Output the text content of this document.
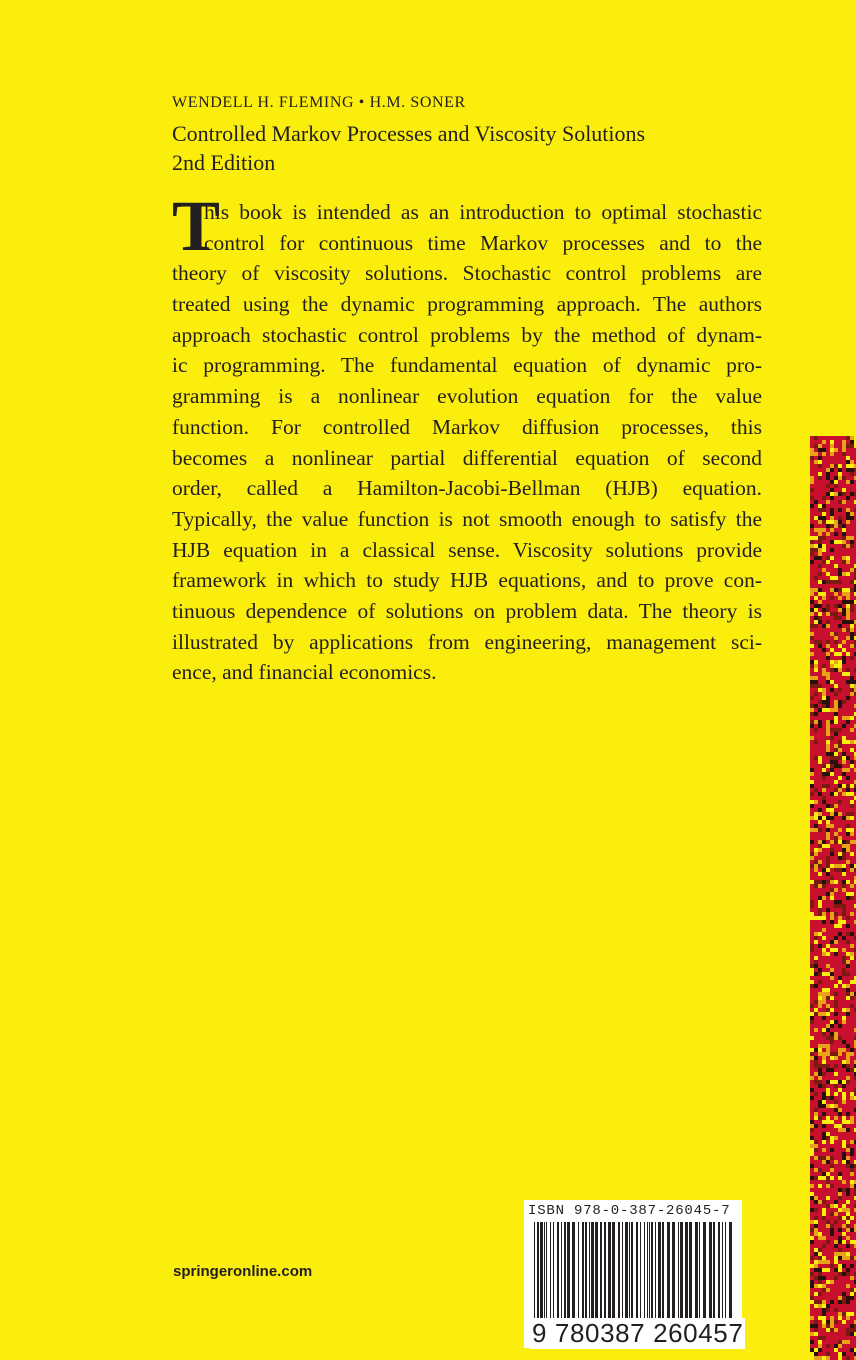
WENDELL H. FLEMING • H.M. SONER
Controlled Markov Processes and Viscosity Solutions
2nd Edition
T
his book is intended as an introduction to optimal stochastic
control for continuous time Markov processes and to the
theory of viscosity solutions. Stochastic control problems are
treated using the dynamic programming approach. The authors
approach stochastic control problems by the method of dynam-
ic programming. The fundamental equation of dynamic pro-
gramming is a nonlinear evolution equation for the value
function. For controlled Markov diffusion processes, this
becomes a nonlinear partial differential equation of second
order, called a Hamilton-Jacobi-Bellman (HJB) equation.
Typically, the value function is not smooth enough to satisfy the
HJB equation in a classical sense. Viscosity solutions provide
framework in which to study HJB equations, and to prove con-
tinuous dependence of solutions on problem data. The theory is
illustrated by applications from engineering, management sci-
ence, and financial economics.
springeronline.com
ISBN 978-0-387-26045-7
9 780387 260457
